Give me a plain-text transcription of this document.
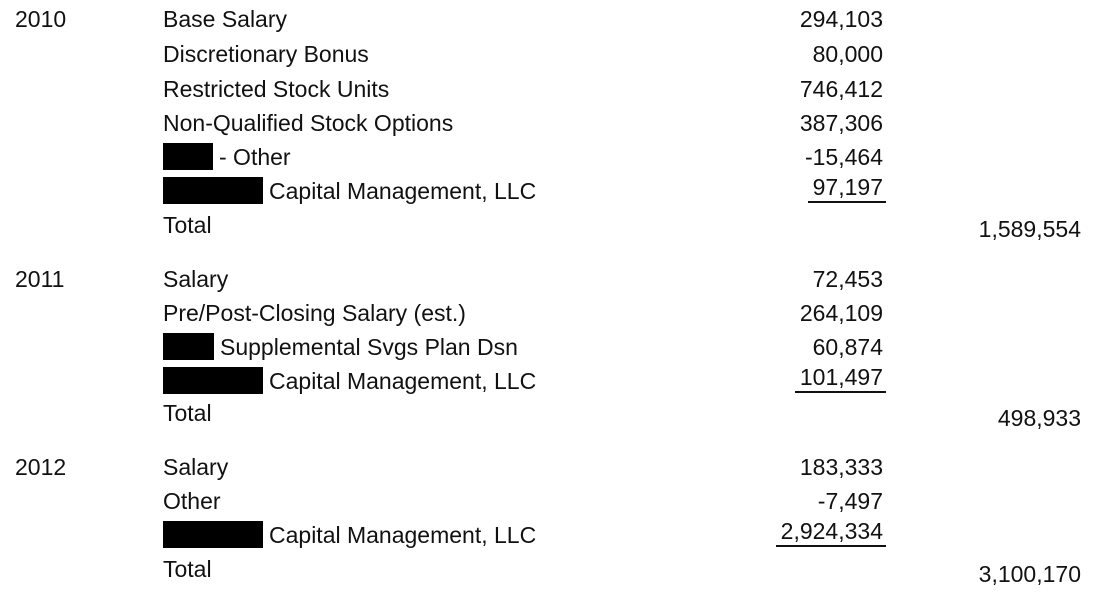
2010	Base Salary	294,103
Discretionary Bonus	80,000
Restricted Stock Units	746,412
Non-Qualified Stock Options	387,306
- Other	-15,464
Capital Management, LLC	97,197
Total	1,589,554
2011	Salary	72,453
Pre/Post-Closing Salary (est.)	264,109
Supplemental Svgs Plan Dsn	60,874
Capital Management, LLC	101,497
Total	498,933
2012	Salary	183,333
Other	-7,497
Capital Management, LLC	2,924,334
Total	3,100,170
